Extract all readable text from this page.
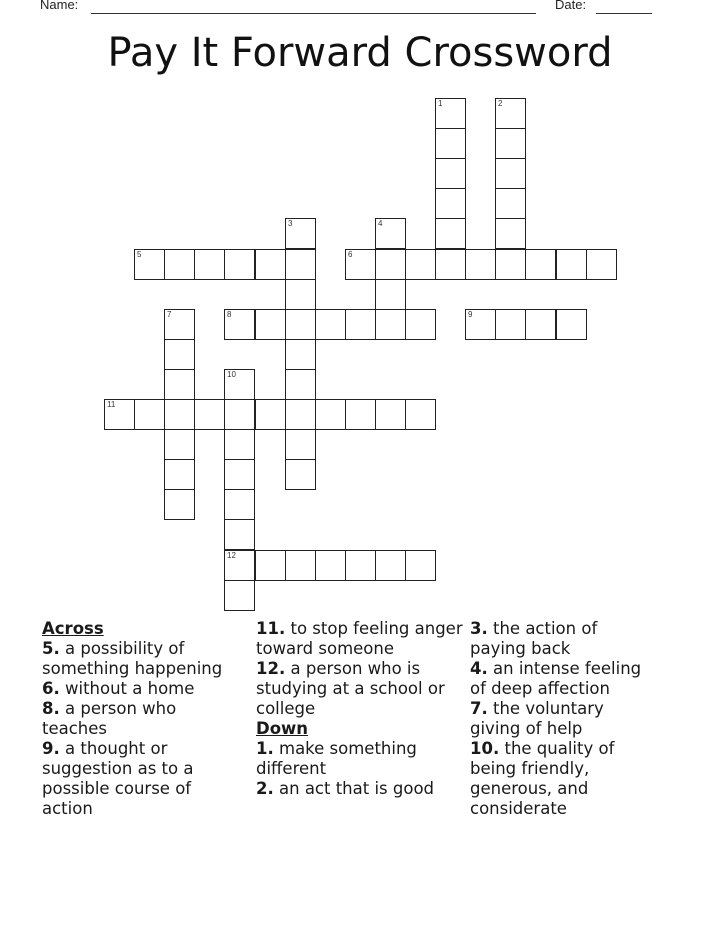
Name:	Date:
Pay It Forward Crossword
1	2
3	4
5	6
7	8	9
10
12
11
Across
5. a possibility of something happening
6. without a home
8. a person who teaches
9. a thought or suggestion as to a possible course of action
11. to stop feeling anger toward someone
12. a person who is studying at a school or college
Down
1. make something different
2. an act that is good
3. the action of paying back
4. an intense feeling of deep affection
7. the voluntary giving of help
10. the quality of being friendly, generous, and considerate
